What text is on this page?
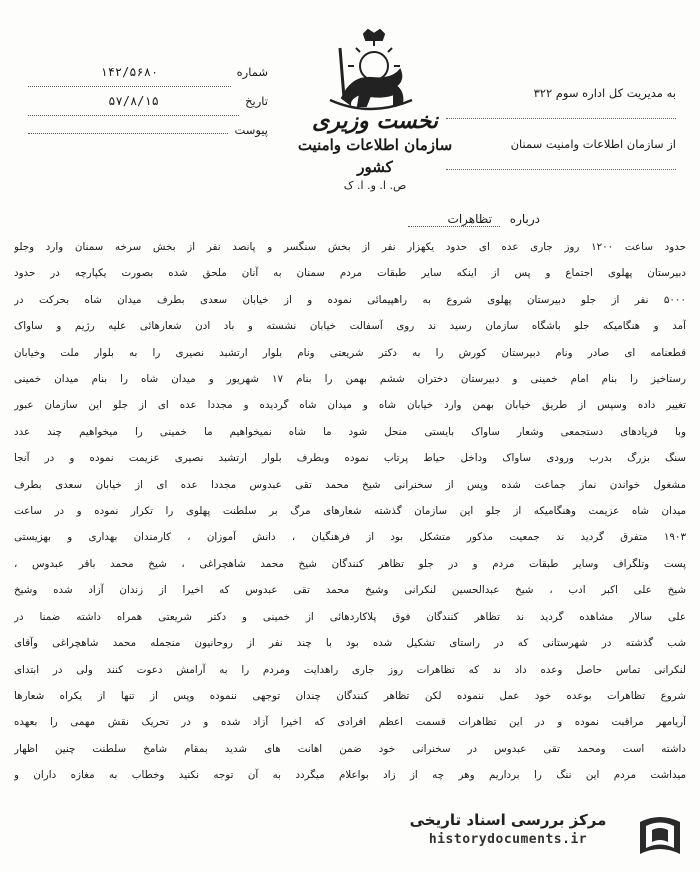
شماره
۱۴۲/۵۶۸۰
تاریخ
۵۷/۸/۱۵
پیوست	نخست وزیری
سازمان اطلاعات وامنیت کشور
ص. ا. و. ا. ک
به مدیریت کل اداره سوم ۳۲۲
از سازمان اطلاعات وامنیت سمنان
درباره تظاهرات
حدود ساعت ۱۲۰۰ روز جاری عده ای حدود یکهزار نفر از بخش سنگسر و پانصد نفر از بخش سرخه سمنان وارد وجلو
دبیرستان پهلوی اجتماع و پس از اینکه سایر طبقات مردم سمنان به آنان ملحق شده بصورت یکپارچه در حدود
۵۰۰۰ نفر از جلو دبیرستان پهلوی شروع به راهپیمائی نموده و از خیابان سعدی بطرف میدان شاه بحرکت در
آمد و هنگامیکه جلو باشگاه سازمان رسید ند روی آسفالت خیابان نشسته و باد ادن شعارهائی علیه رژیم و ساواک
قطعنامه ای صادر ونام دبیرستان کورش را به دکتر شریعتی ونام بلوار ارتشبد نصیری را به بلوار ملت وخیابان
رستاخیز را بنام امام خمینی و دبیرستان دختران ششم بهمن را بنام ۱۷ شهریور و میدان شاه را بنام میدان خمینی
تغییر داده وسپس از طریق خیابان بهمن وارد خیابان شاه و میدان شاه گردیده و مجددا عده ای از جلو این سازمان عبور
وبا فریادهای دستجمعی وشعار ساواک بایستی منحل شود ما شاه نمیخواهیم ما خمینی را میخواهیم چند عدد
سنگ بزرگ بدرب ورودی ساواک وداخل حیاط پرتاب نموده وبطرف بلوار ارتشبد نصیری عزیمت نموده و در آنجا
مشغول خواندن نماز جماعت شده وپس از سخنرانی شیخ محمد تقی عبدوس مجددا عده ای از خیابان سعدی بطرف
میدان شاه عزیمت وهنگامیکه از جلو این سازمان گذشته شعارهای مرگ بر سلطنت پهلوی را تکرار نموده و در ساعت
۱۹۰۳ متفرق گردید ند جمعیت مذکور متشکل بود از فرهنگیان ، دانش آموزان ، کارمندان بهداری و بهزیستی
پست وتلگراف وسایر طبقات مردم و در جلو تظاهر کنندگان شیخ محمد شاهچراغی ، شیخ محمد باقر عبدوس ،
شیخ علی اکبر ادب ، شیخ عبدالحسین لنکرانی وشیخ محمد تقی عبدوس که اخیرا از زندان آزاد شده وشیخ
علی سالار مشاهده گردید ند تظاهر کنندگان فوق پلاکاردهائی از خمینی و دکتر شریعتی همراه داشته ضمنا در
شب گذشته در شهرستانی که در راستای تشکیل شده بود با چند نفر از روحانیون منجمله محمد شاهچراغی وآقای
لنکرانی تماس حاصل وعده داد ند که تظاهرات روز جاری راهدایت ومردم را به آرامش دعوت کنند ولی در ابتدای
شروع تظاهرات بوعده خود عمل ننموده لکن تظاهر کنندگان چندان توجهی ننموده وپس از تنها از یکراه شعارها
آریامهر مراقبت نموده و در این تظاهرات قسمت اعظم افرادی که اخیرا آزاد شده و در تحریک نقش مهمی را بعهده
داشته است ومحمد تقی عبدوس در سخنرانی خود ضمن اهانت های شدید بمقام شامخ سلطنت چنین اظهار
میداشت مردم این ننگ را برداریم وهر چه از زاد بواعلام میگردد به آن توجه نکنید وخطاب به مغازه داران و
مرکز بررسی اسناد تاریخی
historydocuments.ir
